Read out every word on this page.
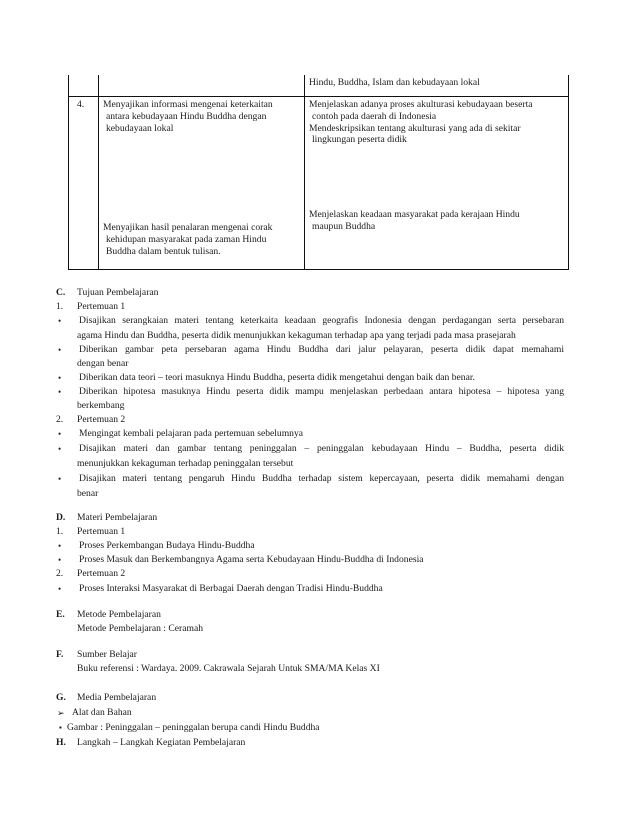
Hindu, Buddha, Islam dan kebudayaan lokal
4. Menyajikan informasi mengenai keterkaitan
antara kebudayaan Hindu Buddha dengan
kebudayaan lokal
Menyajikan hasil penalaran mengenai corak
kehidupan masyarakat pada zaman Hindu
Buddha dalam bentuk tulisan.
Menjelaskan adanya proses akulturasi kebudayaan beserta
contoh pada daerah di Indonesia
Mendeskripsikan tentang akulturasi yang ada di sekitar
lingkungan peserta didik
Menjelaskan keadaan masyarakat pada kerajaan Hindu
maupun Buddha
C. Tujuan Pembelajaran
1. Pertemuan 1
• Disajikan serangkaian materi tentang keterkaita keadaan geografis Indonesia dengan perdagangan serta persebaran
agama Hindu dan Buddha, peserta didik menunjukkan kekaguman terhadap apa yang terjadi pada masa prasejarah
• Diberikan gambar peta persebaran agama Hindu Buddha dari jalur pelayaran, peserta didik dapat memahami
dengan benar
• Diberikan data teori – teori masuknya Hindu Buddha, peserta didik mengetahui dengan baik dan benar.
• Diberikan hipotesa masuknya Hindu peserta didik mampu menjelaskan perbedaan antara hipotesa – hipotesa yang
berkembang
2. Pertemuan 2
• Mengingat kembali pelajaran pada pertemuan sebelumnya
• Disajikan materi dan gambar tentang peninggalan – peninggalan kebudayaan Hindu – Buddha, peserta didik
menunjukkan kekaguman terhadap peninggalan tersebut
• Disajikan materi tentang pengaruh Hindu Buddha terhadap sistem kepercayaan, peserta didik memahami dengan
benar
D. Materi Pembelajaran
1. Pertemuan 1
• Proses Perkembangan Budaya Hindu-Buddha
• Proses Masuk dan Berkembangnya Agama serta Kebudayaan Hindu-Buddha di Indonesia
2. Pertemuan 2
• Proses Interaksi Masyarakat di Berbagai Daerah dengan Tradisi Hindu-Buddha
E. Metode Pembelajaran
Metode Pembelajaran : Ceramah
F. Sumber Belajar
Buku referensi : Wardaya. 2009. Cakrawala Sejarah Untuk SMA/MA Kelas XI
G. Media Pembelajaran
➢ Alat dan Bahan
▪ Gambar : Peninggalan – peninggalan berupa candi Hindu Buddha
H. Langkah – Langkah Kegiatan Pembelajaran
